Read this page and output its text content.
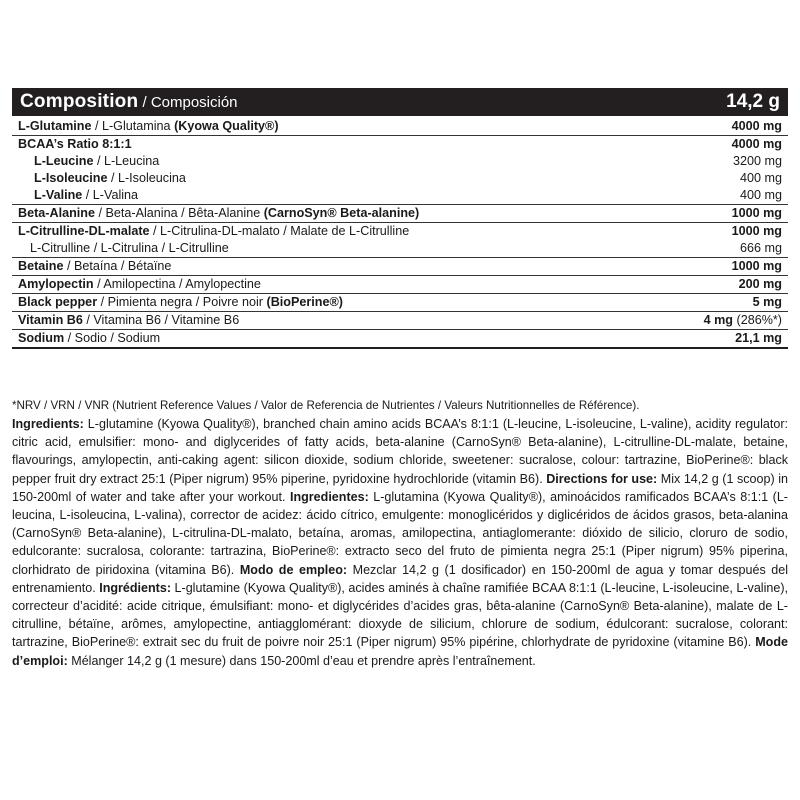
Composition / Composición	14,2 g
L-Glutamine / L-Glutamina (Kyowa Quality®)	4000 mg
BCAA’s Ratio 8:1:1	4000 mg
L-Leucine / L-Leucina	3200 mg
L-Isoleucine / L-Isoleucina	400 mg
L-Valine / L-Valina	400 mg
Beta-Alanine / Beta-Alanina / Bêta-Alanine (CarnoSyn® Beta-alanine)	1000 mg
L-Citrulline-DL-malate / L-Citrulina-DL-malato / Malate de L-Citrulline	1000 mg
L-Citrulline / L-Citrulina / L-Citrulline	666 mg
Betaine / Betaína / Bétaïne	1000 mg
Amylopectin / Amilopectina / Amylopectine	200 mg
Black pepper / Pimienta negra / Poivre noir (BioPerine®)	5 mg
Vitamin B6 / Vitamina B6 / Vitamine B6	4 mg (286%*)
Sodium / Sodio / Sodium	21,1 mg

*NRV / VRN / VNR (Nutrient Reference Values / Valor de Referencia de Nutrientes / Valeurs Nutritionnelles de Référence).

Ingredients: L-glutamine (Kyowa Quality®), branched chain amino acids BCAA’s 8:1:1 (L-leucine, L-isoleucine, L-valine), acidity regulator: citric acid, emulsifier: mono- and diglycerides of fatty acids, beta-alanine (CarnoSyn® Beta-alanine), L-citrulline-DL-malate, betaine, flavourings, amylopectin, anti-caking agent: silicon dioxide, sodium chloride, sweetener: sucralose, colour: tartrazine, BioPerine®: black pepper fruit dry extract 25:1 (Piper nigrum) 95% piperine, pyridoxine hydrochloride (vitamin B6). Directions for use: Mix 14,2 g (1 scoop) in 150-200ml of water and take after your workout. Ingredientes: L-glutamina (Kyowa Quality®), aminoácidos ramificados BCAA’s 8:1:1 (L-leucina, L-isoleucina, L-valina), corrector de acidez: ácido cítrico, emulgente: monoglicéridos y diglicéridos de ácidos grasos, beta-alanina (CarnoSyn® Beta-alanine), L-citrulina-DL-malato, betaína, aromas, amilopectina, antiaglomerante: dióxido de silicio, cloruro de sodio, edulcorante: sucralosa, colorante: tartrazina, BioPerine®: extracto seco del fruto de pimienta negra 25:1 (Piper nigrum) 95% piperina, clorhidrato de piridoxina (vitamina B6). Modo de empleo: Mezclar 14,2 g (1 dosificador) en 150-200ml de agua y tomar después del entrenamiento. Ingrédients: L-glutamine (Kyowa Quality®), acides aminés à chaîne ramifiée BCAA 8:1:1 (L-leucine, L-isoleucine, L-valine), correcteur d’acidité: acide citrique, émulsifiant: mono- et diglycérides d’acides gras, bêta-alanine (CarnoSyn® Beta-alanine), malate de L-citrulline, bétaïne, arômes, amylopectine, antiagglomérant: dioxyde de silicium, chlorure de sodium, édulcorant: sucralose, colorant: tartrazine, BioPerine®: extrait sec du fruit de poivre noir 25:1 (Piper nigrum) 95% pipérine, chlorhydrate de pyridoxine (vitamine B6). Mode d’emploi: Mélanger 14,2 g (1 mesure) dans 150-200ml d’eau et prendre après l’entraînement.
